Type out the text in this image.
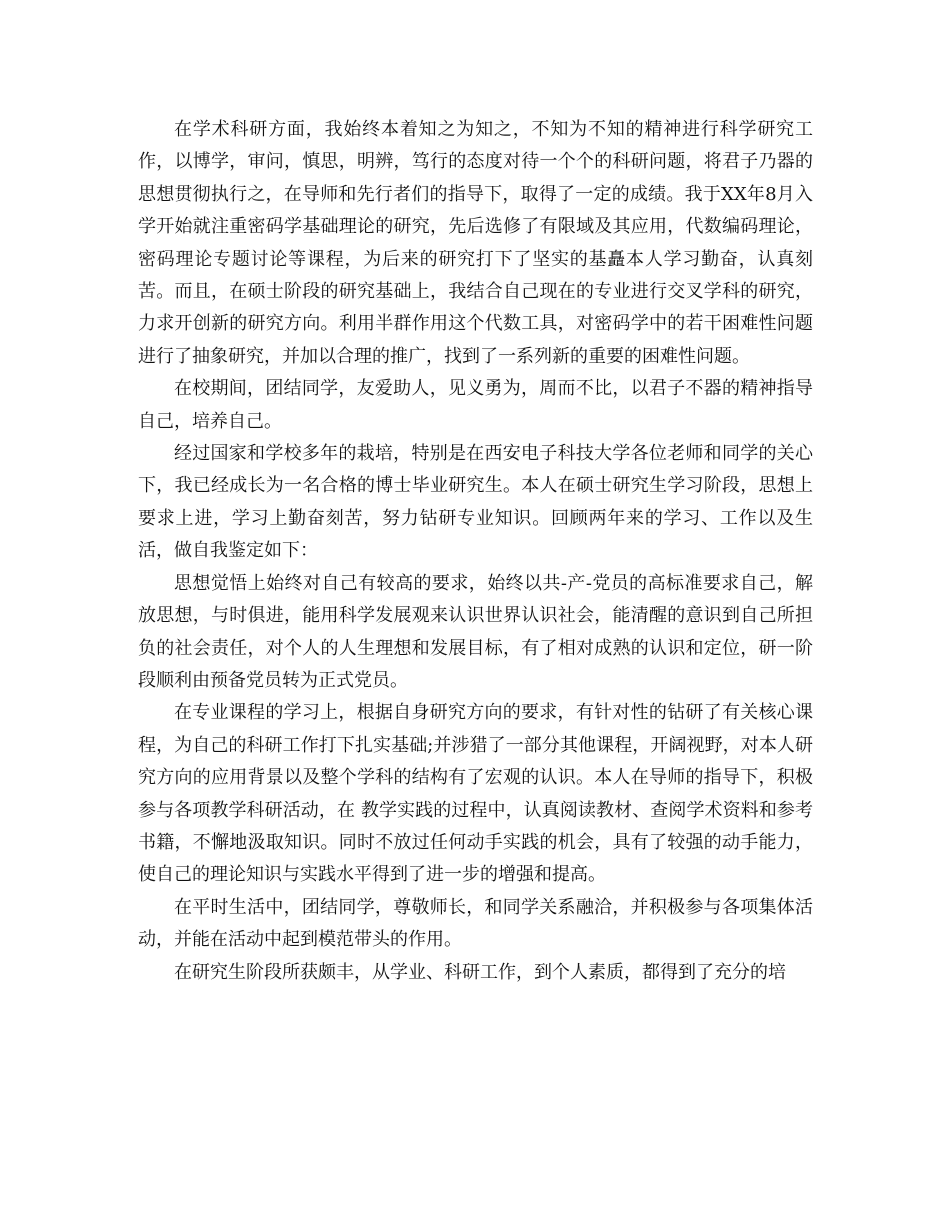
在学术科研方面，我始终本着知之为知之，不知为不知的精神进行科学研究工作，以博学，审问，慎思，明辨，笃行的态度对待一个个的科研问题，将君子乃器的思想贯彻执行之，在导师和先行者们的指导下，取得了一定的成绩。我于XX年8月入学开始就注重密码学基础理论的研究，先后选修了有限域及其应用，代数编码理论，密码理论专题讨论等课程，为后来的研究打下了坚实的基矗本人学习勤奋，认真刻苦。而且，在硕士阶段的研究基础上，我结合自己现在的专业进行交叉学科的研究，力求开创新的研究方向。利用半群作用这个代数工具，对密码学中的若干困难性问题进行了抽象研究，并加以合理的推广，找到了一系列新的重要的困难性问题。

在校期间，团结同学，友爱助人，见义勇为，周而不比，以君子不器的精神指导自己，培养自己。

经过国家和学校多年的栽培，特别是在西安电子科技大学各位老师和同学的关心下，我已经成长为一名合格的博士毕业研究生。本人在硕士研究生学习阶段，思想上要求上进，学习上勤奋刻苦，努力钻研专业知识。回顾两年来的学习、工作以及生活，做自我鉴定如下：

思想觉悟上始终对自己有较高的要求，始终以共-产-党员的高标准要求自己，解放思想，与时俱进，能用科学发展观来认识世界认识社会，能清醒的意识到自己所担负的社会责任，对个人的人生理想和发展目标，有了相对成熟的认识和定位，研一阶段顺利由预备党员转为正式党员。

在专业课程的学习上，根据自身研究方向的要求，有针对性的钻研了有关核心课程，为自己的科研工作打下扎实基础;并涉猎了一部分其他课程，开阔视野，对本人研究方向的应用背景以及整个学科的结构有了宏观的认识。本人在导师的指导下，积极参与各项教学科研活动，在 教学实践的过程中，认真阅读教材、查阅学术资料和参考书籍，不懈地汲取知识。同时不放过任何动手实践的机会，具有了较强的动手能力，使自己的理论知识与实践水平得到了进一步的增强和提高。

在平时生活中，团结同学，尊敬师长，和同学关系融洽，并积极参与各项集体活动，并能在活动中起到模范带头的作用。

在研究生阶段所获颇丰，从学业、科研工作，到个人素质，都得到了充分的培
